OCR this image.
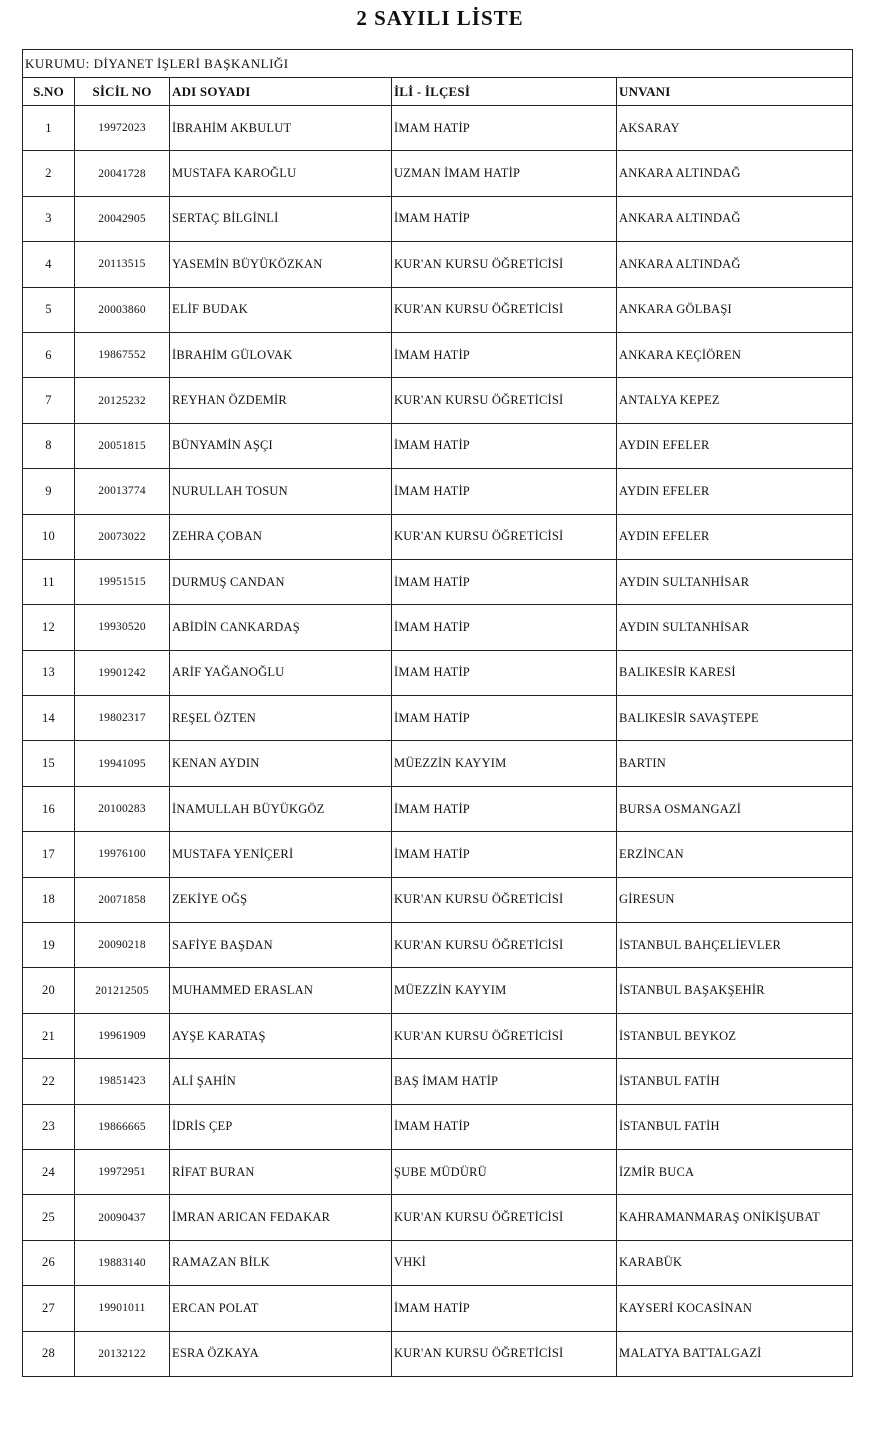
2 SAYILI LİSTE
KURUMU: DİYANET İŞLERİ BAŞKANLIĞI				
S.NO	SİCİL NO	ADI SOYADI	İLİ - İLÇESİ	UNVANI
1	19972023	İBRAHİM AKBULUT	İMAM HATİP	AKSARAY
2	20041728	MUSTAFA KAROĞLU	UZMAN İMAM HATİP	ANKARA ALTINDAĞ
3	20042905	SERTAÇ BİLGİNLİ	İMAM HATİP	ANKARA ALTINDAĞ
4	20113515	YASEMİN BÜYÜKÖZKAN	KUR'AN KURSU ÖĞRETİCİSİ	ANKARA ALTINDAĞ
5	20003860	ELİF BUDAK	KUR'AN KURSU ÖĞRETİCİSİ	ANKARA GÖLBAŞI
6	19867552	İBRAHİM GÜLOVAK	İMAM HATİP	ANKARA KEÇİÖREN
7	20125232	REYHAN ÖZDEMİR	KUR'AN KURSU ÖĞRETİCİSİ	ANTALYA KEPEZ
8	20051815	BÜNYAMİN AŞÇI	İMAM HATİP	AYDIN EFELER
9	20013774	NURULLAH TOSUN	İMAM HATİP	AYDIN EFELER
10	20073022	ZEHRA ÇOBAN	KUR'AN KURSU ÖĞRETİCİSİ	AYDIN EFELER
11	19951515	DURMUŞ CANDAN	İMAM HATİP	AYDIN SULTANHİSAR
12	19930520	ABİDİN CANKARDAŞ	İMAM HATİP	AYDIN SULTANHİSAR
13	19901242	ARİF YAĞANOĞLU	İMAM HATİP	BALIKESİR KARESİ
14	19802317	REŞEL ÖZTEN	İMAM HATİP	BALIKESİR SAVAŞTEPE
15	19941095	KENAN AYDIN	MÜEZZİN KAYYIM	BARTIN
16	20100283	İNAMULLAH BÜYÜKGÖZ	İMAM HATİP	BURSA OSMANGAZİ
17	19976100	MUSTAFA YENİÇERİ	İMAM HATİP	ERZİNCAN
18	20071858	ZEKİYE OĞŞ	KUR'AN KURSU ÖĞRETİCİSİ	GİRESUN
19	20090218	SAFİYE BAŞDAN	KUR'AN KURSU ÖĞRETİCİSİ	İSTANBUL BAHÇELİEVLER
20	201212505	MUHAMMED ERASLAN	MÜEZZİN KAYYIM	İSTANBUL BAŞAKŞEHİR
21	19961909	AYŞE KARATAŞ	KUR'AN KURSU ÖĞRETİCİSİ	İSTANBUL BEYKOZ
22	19851423	ALİ ŞAHİN	BAŞ İMAM HATİP	İSTANBUL FATİH
23	19866665	İDRİS ÇEP	İMAM HATİP	İSTANBUL FATİH
24	19972951	RİFAT BURAN	ŞUBE MÜDÜRÜ	İZMİR BUCA
25	20090437	İMRAN ARICAN FEDAKAR	KUR'AN KURSU ÖĞRETİCİSİ	KAHRAMANMARAŞ ONİKİŞUBAT
26	19883140	RAMAZAN BİLK	VHKİ	KARABÜK
27	19901011	ERCAN POLAT	İMAM HATİP	KAYSERİ KOCASİNAN
28	20132122	ESRA ÖZKAYA	KUR'AN KURSU ÖĞRETİCİSİ	MALATYA BATTALGAZİ
